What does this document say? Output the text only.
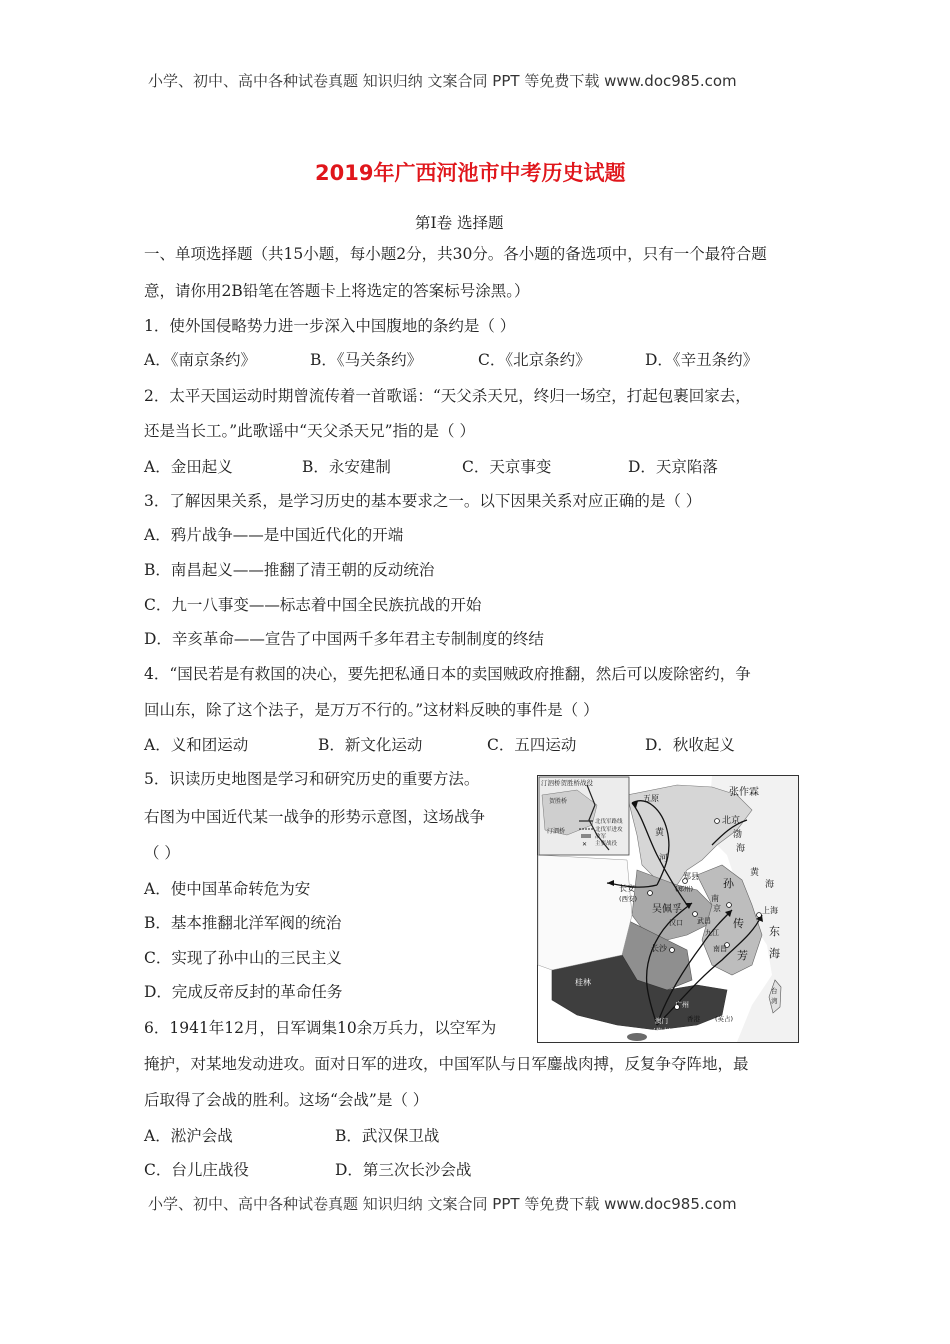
小学、初中、高中各种试卷真题 知识归纳 文案合同 PPT 等免费下载 www.doc985.com
2019年广西河池市中考历史试题
第Ⅰ卷 选择题
一、单项选择题（共15小题，每小题2分，共30分。各小题的备选项中，只有一个最符合题
意，请你用2B铅笔在答题卡上将选定的答案标号涂黑。）
1．使外国侵略势力进一步深入中国腹地的条约是（ ）
A．《南京条约》	B．《马关条约》	C．《北京条约》	D．《辛丑条约》
2．太平天国运动时期曾流传着一首歌谣：“天父杀天兄，终归一场空，打起包裹回家去，
还是当长工。”此歌谣中“天父杀天兄”指的是（ ）
A．金田起义	B．永安建制	C．天京事变	D．天京陷落
3．了解因果关系，是学习历史的基本要求之一。以下因果关系对应正确的是（ ）
A．鸦片战争——是中国近代化的开端
B．南昌起义——推翻了清王朝的反动统治
C．九一八事变——标志着中国全民族抗战的开始
D．辛亥革命——宣告了中国两千多年君主专制制度的终结
4．“国民若是有救国的决心，要先把私通日本的卖国贼政府推翻，然后可以废除密约，争
回山东，除了这个法子，是万万不行的。”这材料反映的事件是（ ）
A．义和团运动	B．新文化运动	C．五四运动	D．秋收起义
5．识读历史地图是学习和研究历史的重要方法。
右图为中国近代某一战争的形势示意图，这场战争
（ ）
A．使中国革命转危为安
B．基本推翻北洋军阀的统治
C．实现了孙中山的三民主义
D．完成反帝反封的革命任务
6．1941年12月，日军调集10余万兵力，以空军为
掩护，对某地发动进攻。面对日军的进攻，中国军队与日军鏖战肉搏，反复争夺阵地，最
后取得了会战的胜利。这场“会战”是（ ）
A．淞沪会战	B．武汉保卫战
C．台儿庄战役	D．第三次长沙会战
小学、初中、高中各种试卷真题 知识归纳 文案合同 PPT 等免费下载 www.doc985.com
汀泗桥贺胜桥战役
贺胜桥
汀泗桥
北伐军路线
北伐军进攻
敌军
✕ 主要战役
张作霖
五原
北京
渤
海
黄
河
黄
海
郑县
(郑州)
长安
(西安)
吴佩孚
汉口 武昌
南
京	上海
孙
传
芳
九江
南昌
长沙
东
海
台
湾
广州
桂林
香港 (英占)
澳门
(葡占)
